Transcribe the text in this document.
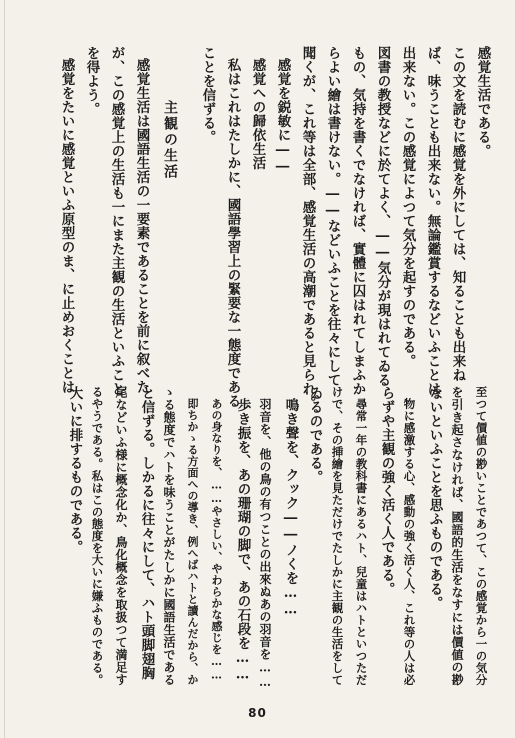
感覚生活である。
この文を読むに感覚を外にしては、知ることも出来ね
ば、味うことも出来ない。無論鑑賞するなどいふことは
出来ない。この感覚によつて気分を起すのである。
図書の教授などに於てよく、――気分が現はれてゐる
もの、気持を書くでなければ、實體に囚はれてしまふか
らよい繪は書けない。――などいふことを往々にして
聞くが、これ等は全部、感覚生活の高潮であると見られ。
感覚を鋭敏に――
感覚への歸依生活
私はこれはたしかに、國語學習上の緊要な一態度である
ことを信ずる。
主観の生活
感覚生活は國語生活の一要素であることを前に叙べた
が、この感覚上の生活も一にまた主観の生活といふこと
を得よう。
感覚をたいに感覚といふ原型のま、に止めおくことは
至つて價値の尠いことであつて、この感覚から一の気分
を引き起さなければ、國語的生活をなすには價値の尠
ないといふことを思ふものである。
物に感激する心、感動の強く活く人、これ等の人は必
らずや主観の強く活く人である。
尋常一年の教科書にあるハト、兒童はハトといつただ
けで、その挿繪を見ただけでたしかに主観の生活をして
ゐるのである。
鳴き聲を、クック――ノくを……
羽音を、他の鳥の有つことの出來ぬあの羽音を……
歩き振を、あの珊瑚の脚で、あの石段を……
あの身なりを、……やさしい、やわらかな感じを……
即ちかゝる方面への導き、例へばハトと讀んだから、か
ゝる態度でハトを味うことがたしかに國語生活である
と信ずる。しかるに往々にして、ハト頭脚翅胸
尾などいふ様に概念化か、鳥化概念を取扱つて満足す
るやうである。私はこの態度を大いに嫌ふものである。
大いに排するものである。
80
